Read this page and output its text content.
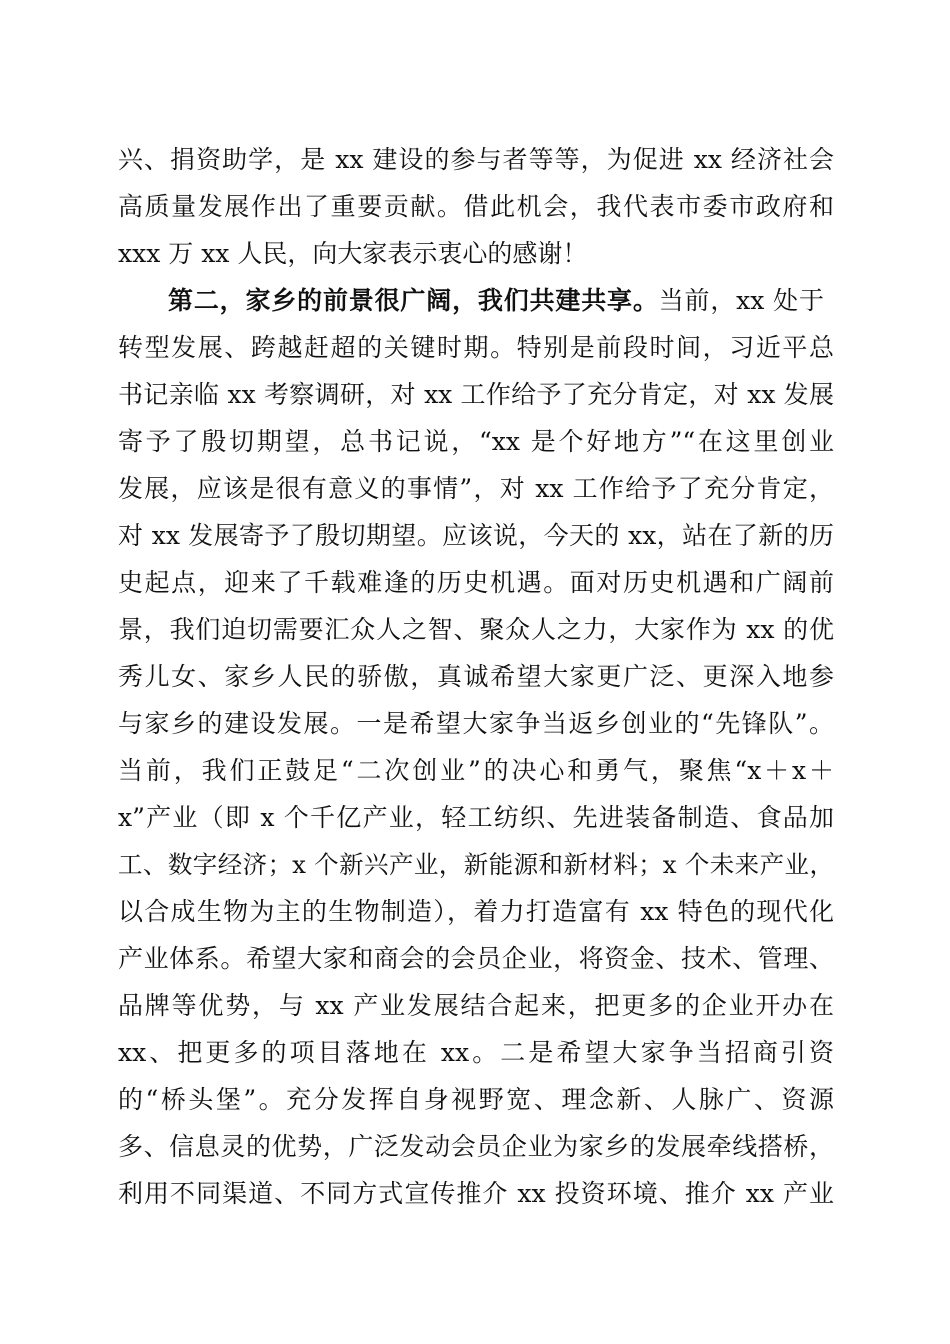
兴、捐资助学，是 xx 建设的参与者等等，为促进 xx 经济社会
高质量发展作出了重要贡献。借此机会，我代表市委市政府和
xxx 万 xx 人民，向大家表示衷心的感谢！
第二，家乡的前景很广阔，我们共建共享。当前，xx 处于
转型发展、跨越赶超的关键时期。特别是前段时间，习近平总
书记亲临 xx 考察调研，对 xx 工作给予了充分肯定，对 xx 发展
寄予了殷切期望，总书记说，“xx 是个好地方”“在这里创业
发展，应该是很有意义的事情”，对 xx 工作给予了充分肯定，
对 xx 发展寄予了殷切期望。应该说，今天的 xx，站在了新的历
史起点，迎来了千载难逢的历史机遇。面对历史机遇和广阔前
景，我们迫切需要汇众人之智、聚众人之力，大家作为 xx 的优
秀儿女、家乡人民的骄傲，真诚希望大家更广泛、更深入地参
与家乡的建设发展。一是希望大家争当返乡创业的“先锋队”。
当前，我们正鼓足“二次创业”的决心和勇气，聚焦“x＋x＋
x”产业（即 x 个千亿产业，轻工纺织、先进装备制造、食品加
工、数字经济；x 个新兴产业，新能源和新材料；x 个未来产业，
以合成生物为主的生物制造），着力打造富有 xx 特色的现代化
产业体系。希望大家和商会的会员企业，将资金、技术、管理、
品牌等优势，与 xx 产业发展结合起来，把更多的企业开办在
xx、把更多的项目落地在 xx。二是希望大家争当招商引资
的“桥头堡”。充分发挥自身视野宽、理念新、人脉广、资源
多、信息灵的优势，广泛发动会员企业为家乡的发展牵线搭桥，
利用不同渠道、不同方式宣传推介 xx 投资环境、推介 xx 产业
